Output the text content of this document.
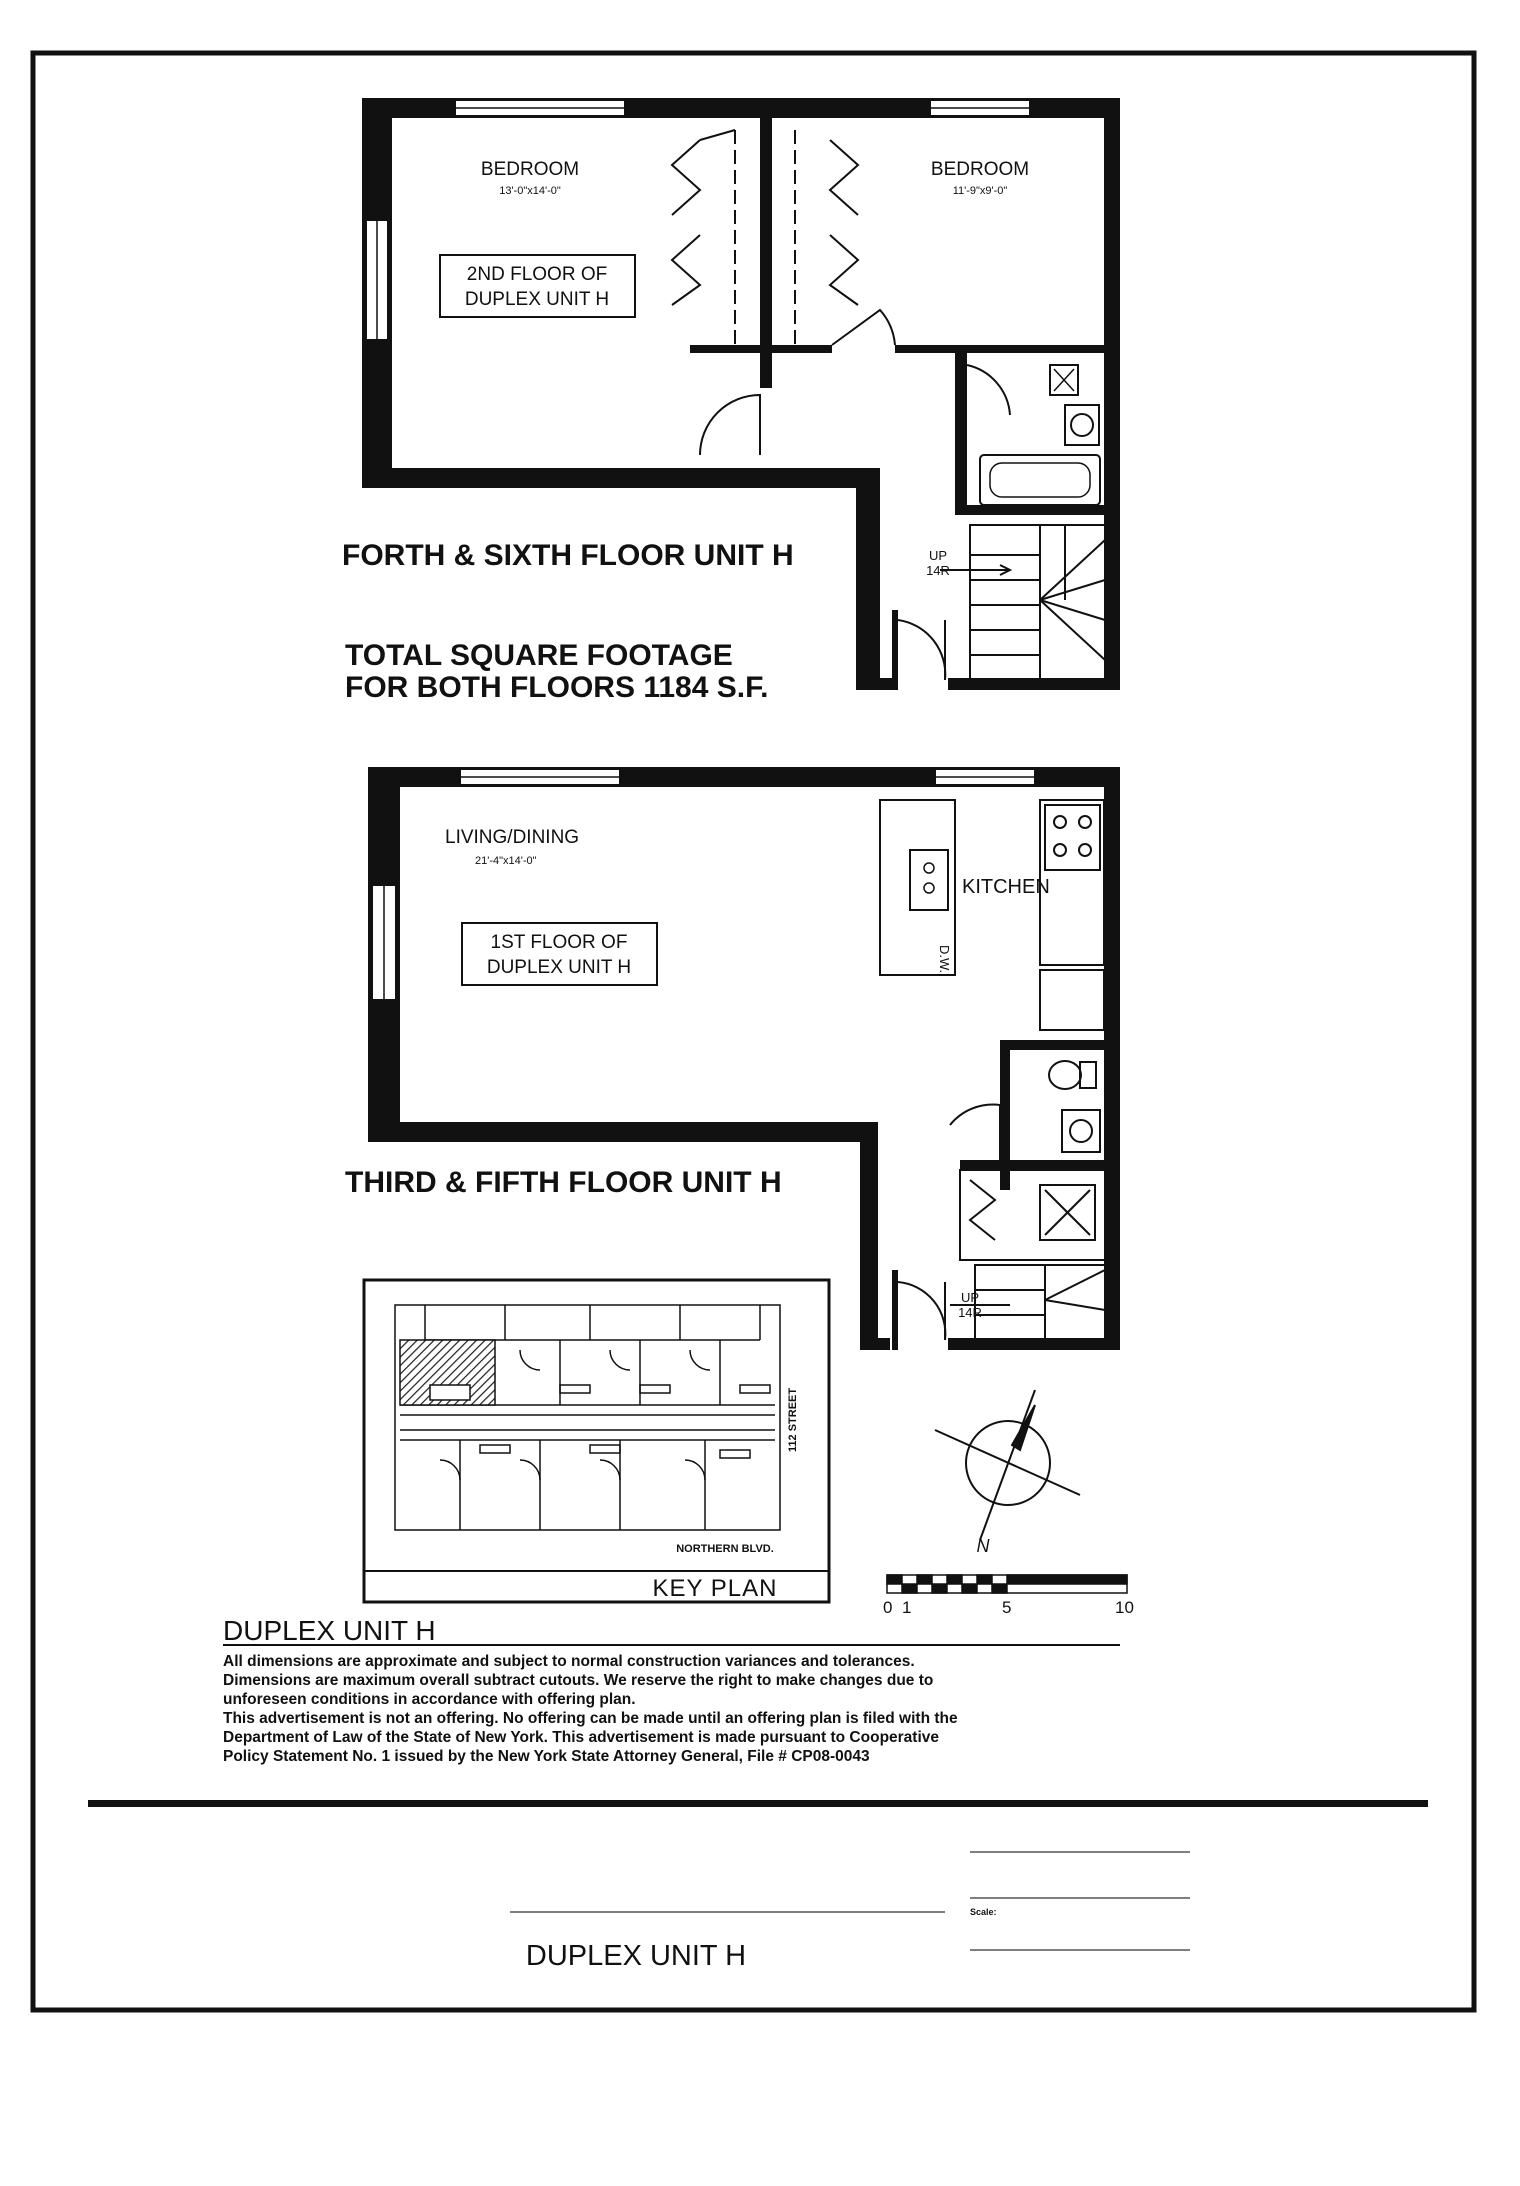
BEDROOM
13'-0"x14'-0"
BEDROOM
11'-9"x9'-0"
2ND FLOOR OF
DUPLEX UNIT H
UP
14R
FORTH & SIXTH FLOOR UNIT H
TOTAL SQUARE FOOTAGE
FOR BOTH FLOORS 1184 S.F.
LIVING/DINING
21'-4"x14'-0"
1ST FLOOR OF
DUPLEX UNIT H
KITCHEN
D.W.
UP
14R
THIRD & FIFTH FLOOR UNIT H
112 STREET
NORTHERN BLVD.
KEY PLAN
N
0 1	5	10
DUPLEX UNIT H
Scale:
DUPLEX UNIT H
All dimensions are approximate and subject to normal construction variances and tolerances.
Dimensions are maximum overall subtract cutouts. We reserve the right to make changes due to
unforeseen conditions in accordance with offering plan.
This advertisement is not an offering. No offering can be made until an offering plan is filed with the
Department of Law of the State of New York. This advertisement is made pursuant to Cooperative
Policy Statement No. 1 issued by the New York State Attorney General, File # CP08-0043
